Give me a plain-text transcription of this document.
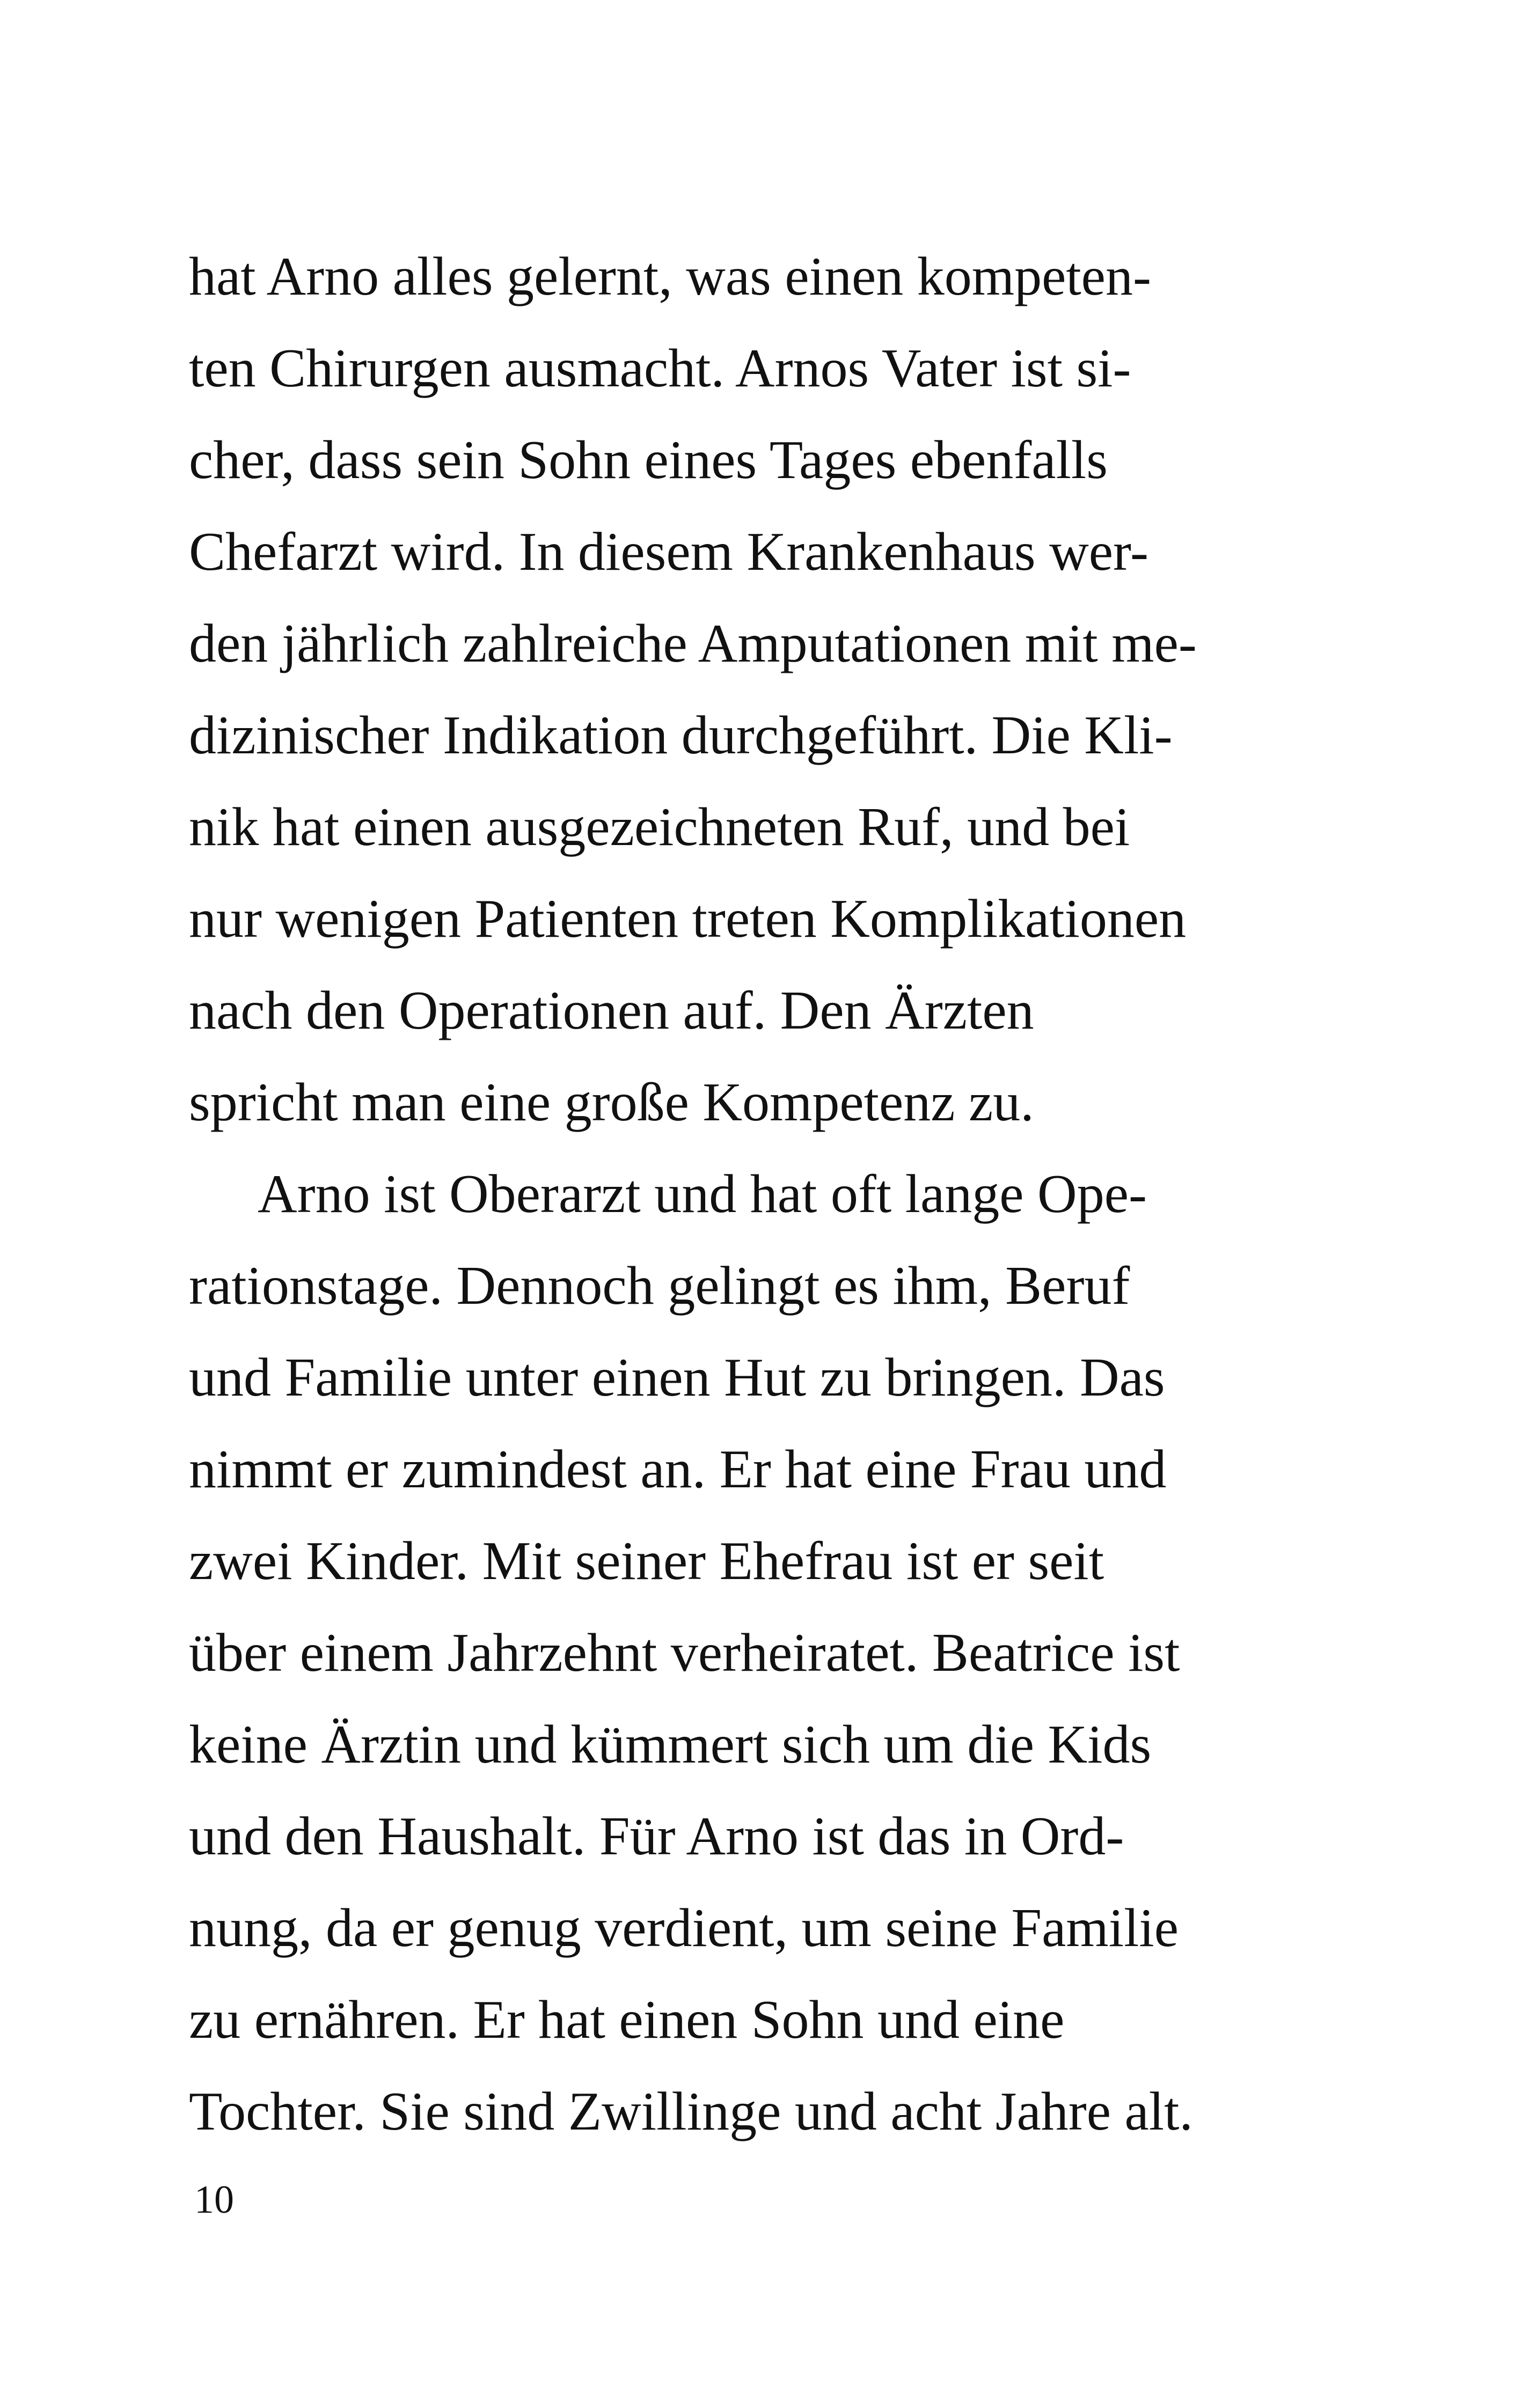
hat Arno alles gelernt, was einen kompeten-
ten Chirurgen ausmacht. Arnos Vater ist si-
cher, dass sein Sohn eines Tages ebenfalls
Chefarzt wird. In diesem Krankenhaus wer-
den jährlich zahlreiche Amputationen mit me-
dizinischer Indikation durchgeführt. Die Kli-
nik hat einen ausgezeichneten Ruf, und bei
nur wenigen Patienten treten Komplikationen
nach den Operationen auf. Den Ärzten
spricht man eine große Kompetenz zu.
Arno ist Oberarzt und hat oft lange Ope-
rationstage. Dennoch gelingt es ihm, Beruf
und Familie unter einen Hut zu bringen. Das
nimmt er zumindest an. Er hat eine Frau und
zwei Kinder. Mit seiner Ehefrau ist er seit
über einem Jahrzehnt verheiratet. Beatrice ist
keine Ärztin und kümmert sich um die Kids
und den Haushalt. Für Arno ist das in Ord-
nung, da er genug verdient, um seine Familie
zu ernähren. Er hat einen Sohn und eine
Tochter. Sie sind Zwillinge und acht Jahre alt.
10
